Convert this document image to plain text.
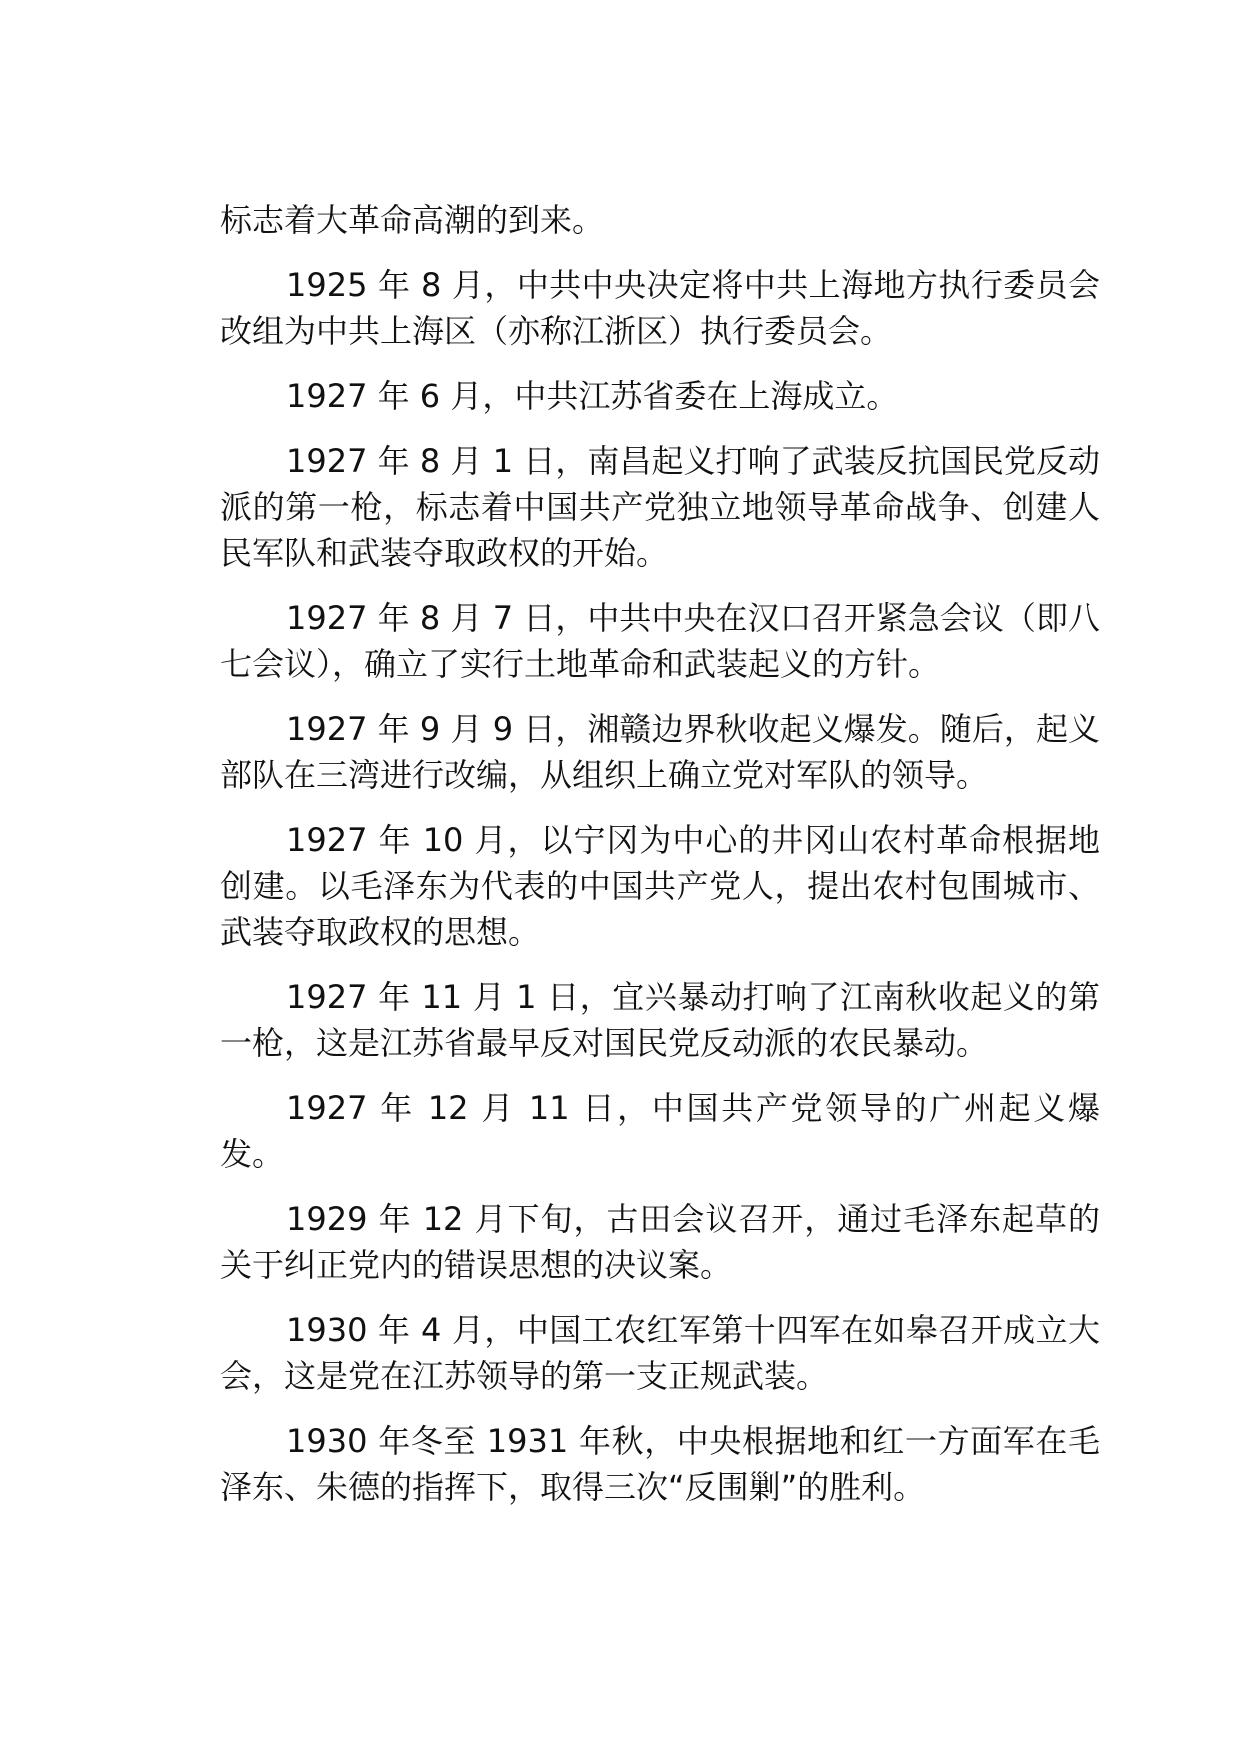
标志着大革命高潮的到来。

1925 年 8 月，中共中央决定将中共上海地方执行委员会改组为中共上海区（亦称江浙区）执行委员会。

1927 年 6 月，中共江苏省委在上海成立。

1927 年 8 月 1 日，南昌起义打响了武装反抗国民党反动派的第一枪，标志着中国共产党独立地领导革命战争、创建人民军队和武装夺取政权的开始。

1927 年 8 月 7 日，中共中央在汉口召开紧急会议（即八七会议），确立了实行土地革命和武装起义的方针。

1927 年 9 月 9 日，湘赣边界秋收起义爆发。随后，起义部队在三湾进行改编，从组织上确立党对军队的领导。

1927 年 10 月，以宁冈为中心的井冈山农村革命根据地创建。以毛泽东为代表的中国共产党人，提出农村包围城市、武装夺取政权的思想。

1927 年 11 月 1 日，宜兴暴动打响了江南秋收起义的第一枪，这是江苏省最早反对国民党反动派的农民暴动。

1927 年 12 月 11 日，中国共产党领导的广州起义爆发。

1929 年 12 月下旬，古田会议召开，通过毛泽东起草的关于纠正党内的错误思想的决议案。

1930 年 4 月，中国工农红军第十四军在如皋召开成立大会，这是党在江苏领导的第一支正规武装。

1930 年冬至 1931 年秋，中央根据地和红一方面军在毛泽东、朱德的指挥下，取得三次“反围剿”的胜利。
